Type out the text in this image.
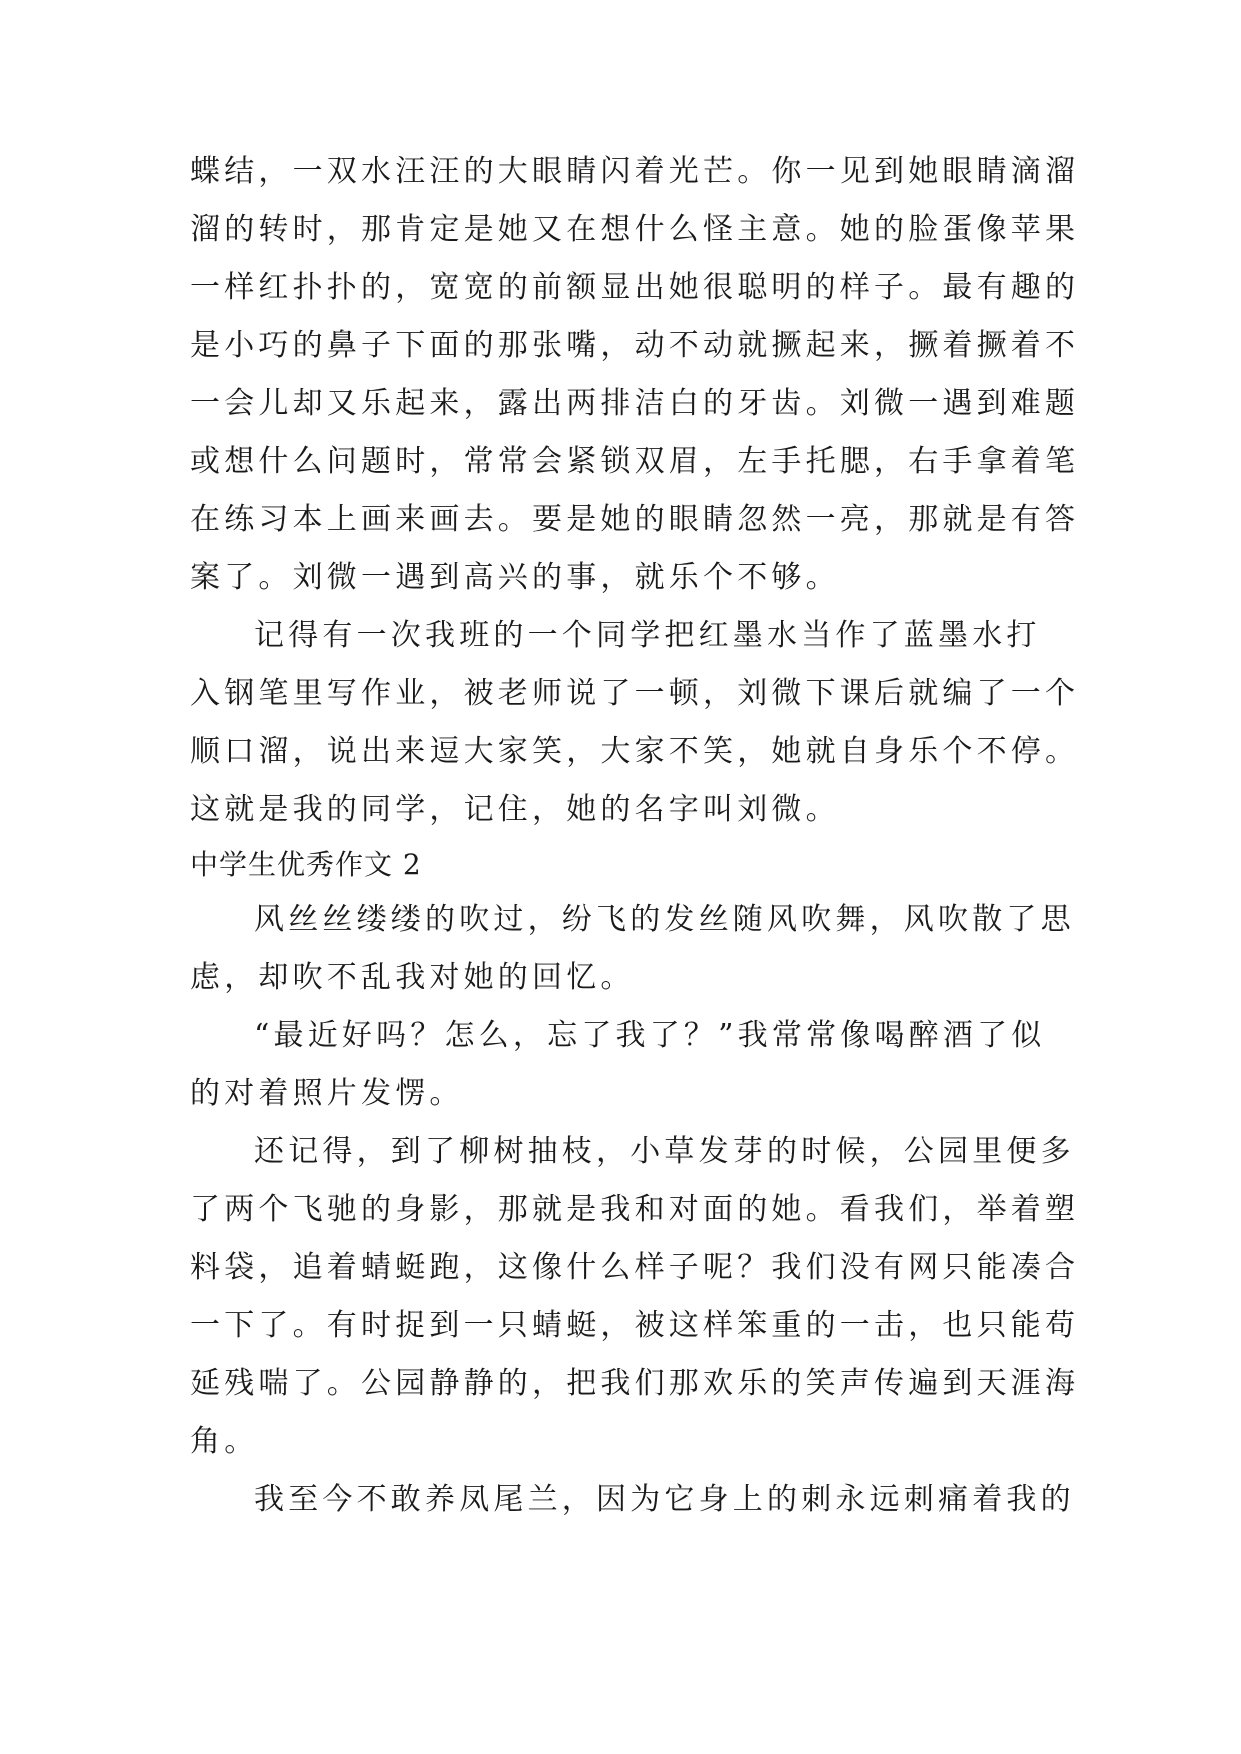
蝶结，一双水汪汪的大眼睛闪着光芒。你一见到她眼睛滴溜
溜的转时，那肯定是她又在想什么怪主意。她的脸蛋像苹果
一样红扑扑的，宽宽的前额显出她很聪明的样子。最有趣的
是小巧的鼻子下面的那张嘴，动不动就撅起来，撅着撅着不
一会儿却又乐起来，露出两排洁白的牙齿。刘微一遇到难题
或想什么问题时，常常会紧锁双眉，左手托腮，右手拿着笔
在练习本上画来画去。要是她的眼睛忽然一亮，那就是有答
案了。刘微一遇到高兴的事，就乐个不够。
记得有一次我班的一个同学把红墨水当作了蓝墨水打
入钢笔里写作业，被老师说了一顿，刘微下课后就编了一个
顺口溜，说出来逗大家笑，大家不笑，她就自身乐个不停。
这就是我的同学，记住，她的名字叫刘微。
中学生优秀作文 2
风丝丝缕缕的吹过，纷飞的发丝随风吹舞，风吹散了思
虑，却吹不乱我对她的回忆。
“最近好吗？怎么，忘了我了？”我常常像喝醉酒了似
的对着照片发愣。
还记得，到了柳树抽枝，小草发芽的时候，公园里便多
了两个飞驰的身影，那就是我和对面的她。看我们，举着塑
料袋，追着蜻蜓跑，这像什么样子呢？我们没有网只能凑合
一下了。有时捉到一只蜻蜓，被这样笨重的一击，也只能苟
延残喘了。公园静静的，把我们那欢乐的笑声传遍到天涯海
角。
我至今不敢养凤尾兰，因为它身上的刺永远刺痛着我的
